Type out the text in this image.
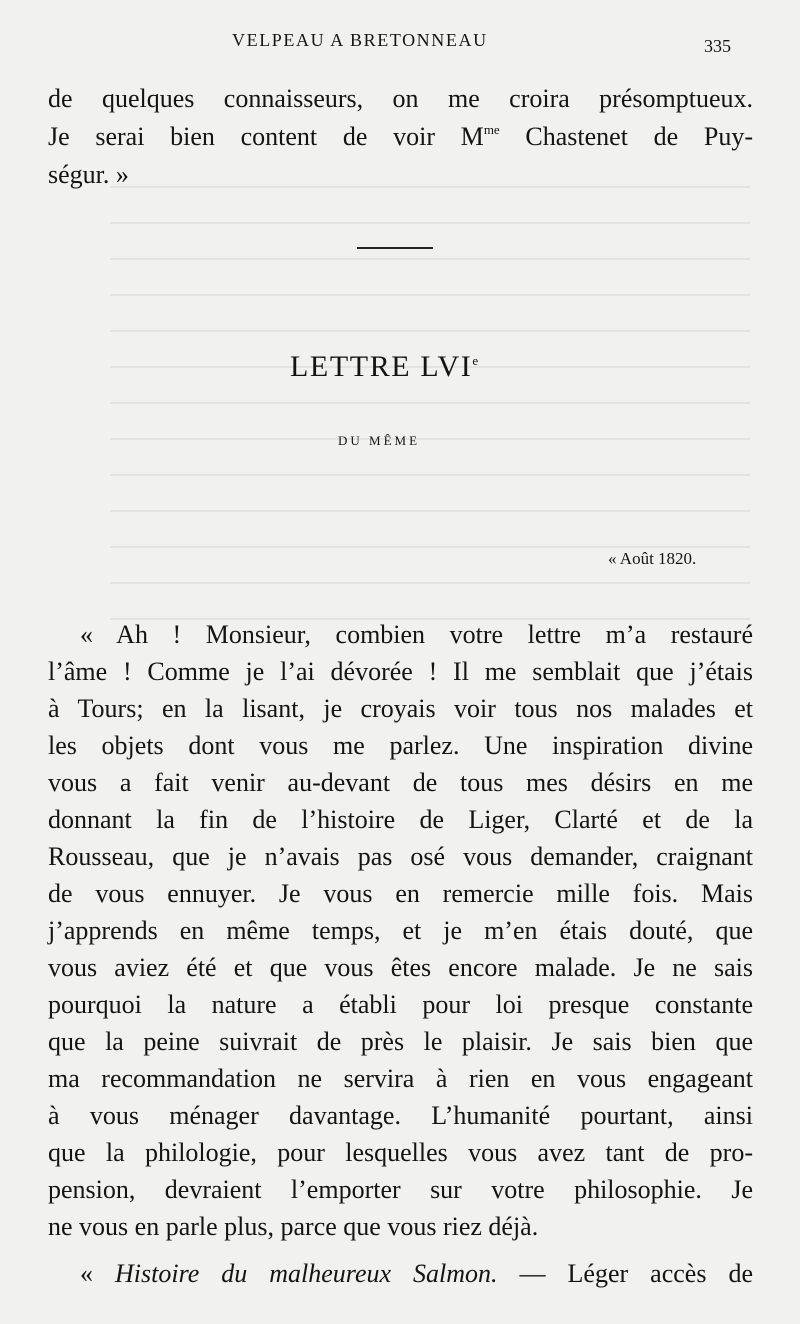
VELPEAU A BRETONNEAU	335
de quelques connaisseurs, on me croira présomptueux.
Je serai bien content de voir $M^{me}$ Chastenet de Puy-
ségur. »
LETTRE LVIe
DU MÊME
« Août 1820.
« Ah ! Monsieur, combien votre lettre m’a restauré
l’âme ! Comme je l’ai dévorée ! Il me semblait que j’étais
à Tours; en la lisant, je croyais voir tous nos malades et
les objets dont vous me parlez. Une inspiration divine
vous a fait venir au-devant de tous mes désirs en me
donnant la fin de l’histoire de Liger, Clarté et de la
Rousseau, que je n’avais pas osé vous demander, craignant
de vous ennuyer. Je vous en remercie mille fois. Mais
j’apprends en même temps, et je m’en étais douté, que
vous aviez été et que vous êtes encore malade. Je ne sais
pourquoi la nature a établi pour loi presque constante
que la peine suivrait de près le plaisir. Je sais bien que
ma recommandation ne servira à rien en vous engageant
à vous ménager davantage. L’humanité pourtant, ainsi
que la philologie, pour lesquelles vous avez tant de pro-
pension, devraient l’emporter sur votre philosophie. Je
ne vous en parle plus, parce que vous riez déjà.
« Histoire du malheureux Salmon. — Léger accès de
